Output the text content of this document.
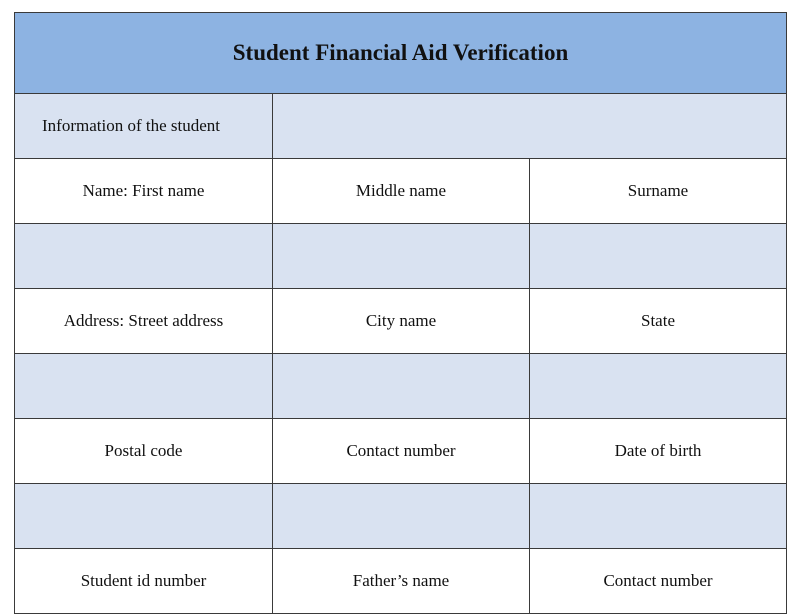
Student Financial Aid Verification		
Information of the student		
Name: First name	Middle name	Surname

Address: Street address	City name	State

Postal code	Contact number	Date of birth

Student id number	Father’s name	Contact number
